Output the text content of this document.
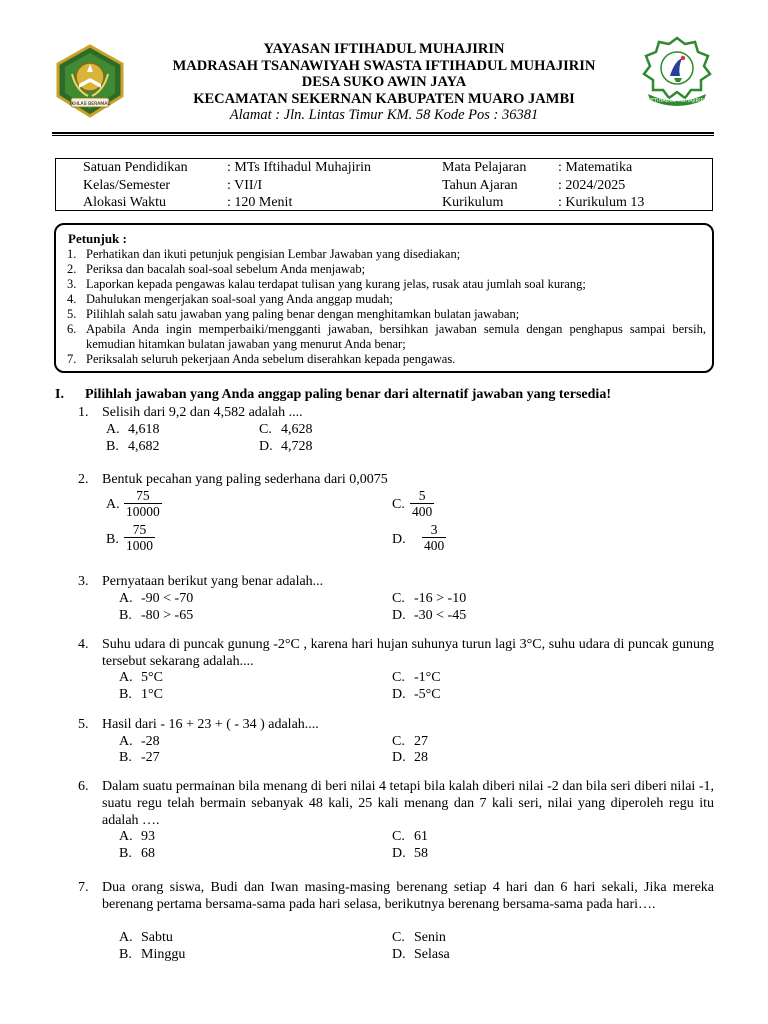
IKHLAS BERAMAL
IFTIHADUL MUHAJIRIN
YAYASAN IFTIHADUL MUHAJIRIN
MADRASAH TSANAWIYAH SWASTA IFTIHADUL MUHAJIRIN
DESA SUKO AWIN JAYA
KECAMATAN SEKERNAN KABUPATEN MUARO JAMBI
Alamat : Jln. Lintas Timur KM. 58 Kode Pos : 36381
Satuan Pendidikan	: MTs Iftihadul Muhajirin	Mata Pelajaran : Matematika
Kelas/Semester	: VII/I	Tahun Ajaran	: 2024/2025
Alokasi Waktu	: 120 Menit	Kurikulum	: Kurikulum 13
Petunjuk :
1. Perhatikan dan ikuti petunjuk pengisian Lembar Jawaban yang disediakan;
2. Periksa dan bacalah soal-soal sebelum Anda menjawab;
3. Laporkan kepada pengawas kalau terdapat tulisan yang kurang jelas, rusak atau jumlah soal kurang;
4. Dahulukan mengerjakan soal-soal yang Anda anggap mudah;
5. Pilihlah salah satu jawaban yang paling benar dengan menghitamkan bulatan jawaban;
6. Apabila Anda ingin memperbaiki/mengganti jawaban, bersihkan jawaban semula dengan penghapus sampai bersih, kemudian hitamkan bulatan jawaban yang menurut Anda benar;
7. Periksalah seluruh pekerjaan Anda sebelum diserahkan kepada pengawas.
I. Pilihlah jawaban yang Anda anggap paling benar dari alternatif jawaban yang tersedia!
1. Selisih dari 9,2 dan 4,582 adalah ....
A. 4,618	C. 4,628
B. 4,682	D. 4,728
2. Bentuk pecahan yang paling sederhana dari 0,0075
A. $\frac{75}{10000}$	C. $\frac{5}{400}$
B. $\frac{75}{1000}$	D.	$\frac{3}{400}$
3. Pernyataan berikut yang benar adalah...
A. -90 < -70	C. -16 > -10
B. -80 > -65	D. -30 < -45
4. Suhu udara di puncak gunung -2°C , karena hari hujan suhunya turun lagi 3°C, suhu udara di puncak gunung tersebut sekarang adalah....
A. 5°C	C. -1°C
B. 1°C	D. -5°C
5. Hasil dari - 16 + 23 + ( - 34 ) adalah....
A. -28	C. 27
B. -27	D. 28
6. Dalam suatu permainan bila menang di beri nilai 4 tetapi bila kalah diberi nilai -2 dan bila seri diberi nilai -1, suatu regu telah bermain sebanyak 48 kali, 25 kali menang dan 7 kali seri, nilai yang diperoleh regu itu adalah ….
A. 93	C. 61
B. 68	D. 58
7. Dua orang siswa, Budi dan Iwan masing-masing berenang setiap 4 hari dan 6 hari sekali, Jika mereka berenang pertama bersama-sama pada hari selasa, berikutnya berenang bersama-sama pada hari….
A. Sabtu	C. Senin
B. Minggu	D. Selasa
